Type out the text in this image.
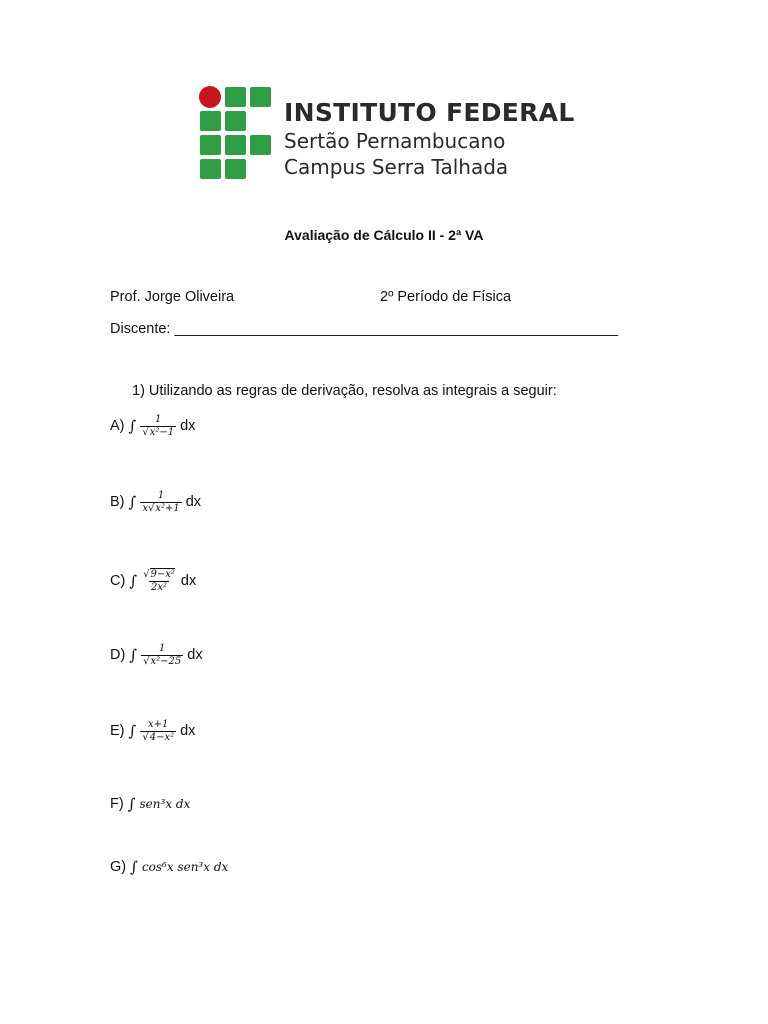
INSTITUTO FEDERAL
Sertão Pernambucano
Campus Serra Talhada
Avaliação de Cálculo II - 2ª VA
Prof. Jorge Oliveira	2º Período de Física
Discente: _______________________________________________________
1) Utilizando as regras de derivação, resolva as integrais a seguir:
A) ∫ $\frac{1}{\text{√x²−1}}$ dx
B) ∫ $\frac{1}{\text{x√x²+1}}$ dx
C) ∫ $\frac{\text{√9−x²}}{\text{2x²}}$ dx
D) ∫ $\frac{1}{\text{√x²−25}}$ dx
E) ∫ $\frac{x+1}{\text{√4−x²}}$ dx
F) ∫ sen³x dx
G) ∫ cos⁶x sen³x dx
